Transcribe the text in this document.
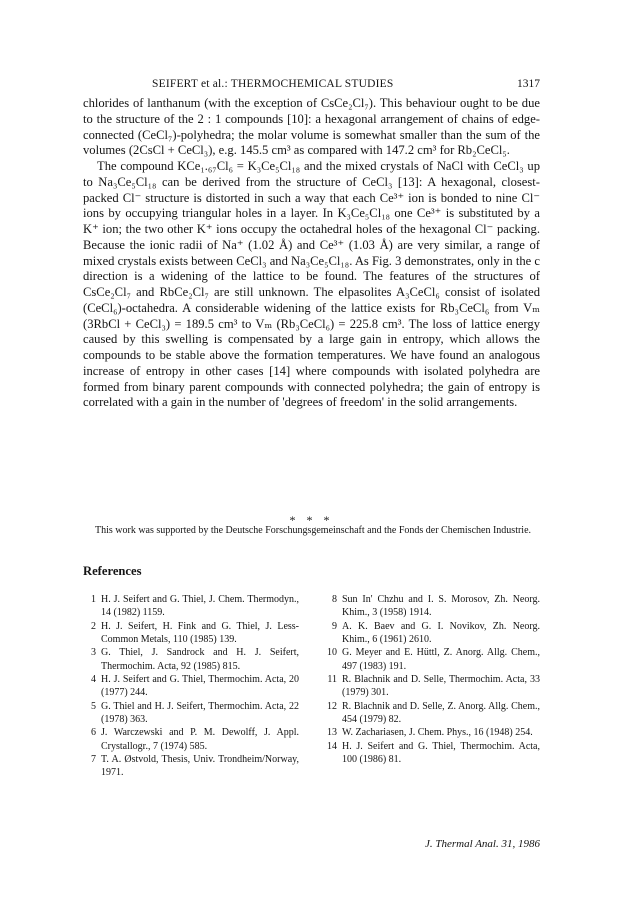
SEIFERT et al.: THERMOCHEMICAL STUDIES	1317

chlorides of lanthanum (with the exception of CsCe₂Cl₇). This behaviour ought to be due to the structure of the 2 : 1 compounds [10]: a hexagonal arrangement of chains of edge-connected (CeCl₇)-polyhedra; the molar volume is somewhat smaller than the sum of the volumes (2CsCl + CeCl₃), e.g. 145.5 cm³ as compared with 147.2 cm³ for Rb₂CeCl₅.

The compound KCe₁.₆₇Cl₆ = K₃Ce₅Cl₁₈ and the mixed crystals of NaCl with CeCl₃ up to Na₃Ce₅Cl₁₈ can be derived from the structure of CeCl₃ [13]: A hexagonal, closest-packed Cl⁻ structure is distorted in such a way that each Ce³⁺ ion is bonded to nine Cl⁻ ions by occupying triangular holes in a layer. In K₃Ce₅Cl₁₈ one Ce³⁺ is substituted by a K⁺ ion; the two other K⁺ ions occupy the octahedral holes of the hexagonal Cl⁻ packing. Because the ionic radii of Na⁺ (1.02 Å) and Ce³⁺ (1.03 Å) are very similar, a range of mixed crystals exists between CeCl₃ and Na₃Ce₅Cl₁₈. As Fig. 3 demonstrates, only in the c direction is a widening of the lattice to be found. The features of the structures of CsCe₂Cl₇ and RbCe₂Cl₇ are still unknown. The elpasolites A₃CeCl₆ consist of isolated (CeCl₆)-octahedra. A considerable widening of the lattice exists for Rb₃CeCl₆ from Vₘ (3RbCl + CeCl₃) = 189.5 cm³ to Vₘ (Rb₃CeCl₆) = 225.8 cm³. The loss of lattice energy caused by this swelling is compensated by a large gain in entropy, which allows the compounds to be stable above the formation temperatures. We have found an analogous increase of entropy in other cases [14] where compounds with isolated polyhedra are formed from binary parent compounds with connected polyhedra; the gain of entropy is correlated with a gain in the number of 'degrees of freedom' in the solid arrangements.

* * *
This work was supported by the Deutsche Forschungsgemeinschaft and the Fonds der Chemischen Industrie.
References
1 H. J. Seifert and G. Thiel, J. Chem. Thermodyn., 14 (1982) 1159.
2 H. J. Seifert, H. Fink and G. Thiel, J. Less-Common Metals, 110 (1985) 139.
3 G. Thiel, J. Sandrock and H. J. Seifert, Thermochim. Acta, 92 (1985) 815.
4 H. J. Seifert and G. Thiel, Thermochim. Acta, 20 (1977) 244.
5 G. Thiel and H. J. Seifert, Thermochim. Acta, 22 (1978) 363.
6 J. Warczewski and P. M. Dewolff, J. Appl. Crystallogr., 7 (1974) 585.
7 T. A. Østvold, Thesis, Univ. Trondheim/Norway, 1971.
8 Sun In' Chzhu and I. S. Morosov, Zh. Neorg. Khim., 3 (1958) 1914.
9 A. K. Baev and G. I. Novikov, Zh. Neorg. Khim., 6 (1961) 2610.
10 G. Meyer and E. Hüttl, Z. Anorg. Allg. Chem., 497 (1983) 191.
11 R. Blachnik and D. Selle, Thermochim. Acta, 33 (1979) 301.
12 R. Blachnik and D. Selle, Z. Anorg. Allg. Chem., 454 (1979) 82.
13 W. Zachariasen, J. Chem. Phys., 16 (1948) 254.
14 H. J. Seifert and G. Thiel, Thermochim. Acta, 100 (1986) 81.
J. Thermal Anal. 31, 1986
